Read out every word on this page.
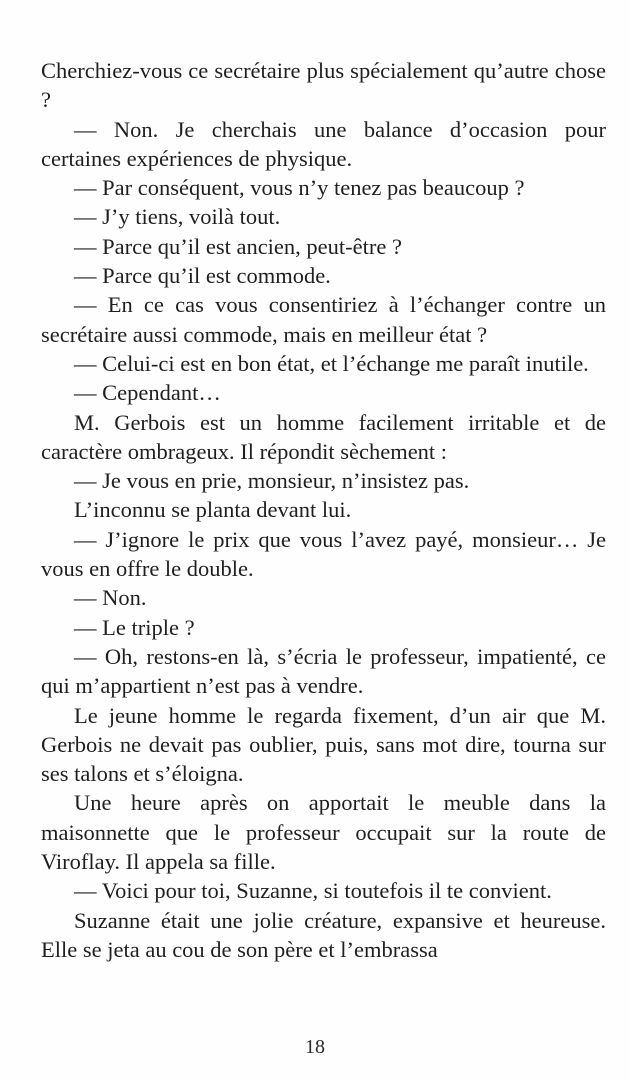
Cherchiez-vous ce secrétaire plus spécialement qu’autre chose ?

— Non. Je cherchais une balance d’occasion pour certaines expériences de physique.

— Par conséquent, vous n’y tenez pas beaucoup ?

— J’y tiens, voilà tout.

— Parce qu’il est ancien, peut-être ?

— Parce qu’il est commode.

— En ce cas vous consentiriez à l’échanger contre un secrétaire aussi commode, mais en meilleur état ?

— Celui-ci est en bon état, et l’échange me paraît inutile.

— Cependant…

M. Gerbois est un homme facilement irritable et de caractère ombrageux. Il répondit sèchement :

— Je vous en prie, monsieur, n’insistez pas.

L’inconnu se planta devant lui.

— J’ignore le prix que vous l’avez payé, monsieur… Je vous en offre le double.

— Non.

— Le triple ?

— Oh, restons-en là, s’écria le professeur, impatienté, ce qui m’appartient n’est pas à vendre.

Le jeune homme le regarda fixement, d’un air que M. Gerbois ne devait pas oublier, puis, sans mot dire, tourna sur ses talons et s’éloigna.

Une heure après on apportait le meuble dans la maisonnette que le professeur occupait sur la route de Viroflay. Il appela sa fille.

— Voici pour toi, Suzanne, si toutefois il te convient.

Suzanne était une jolie créature, expansive et heureuse. Elle se jeta au cou de son père et l’embrassa

18
